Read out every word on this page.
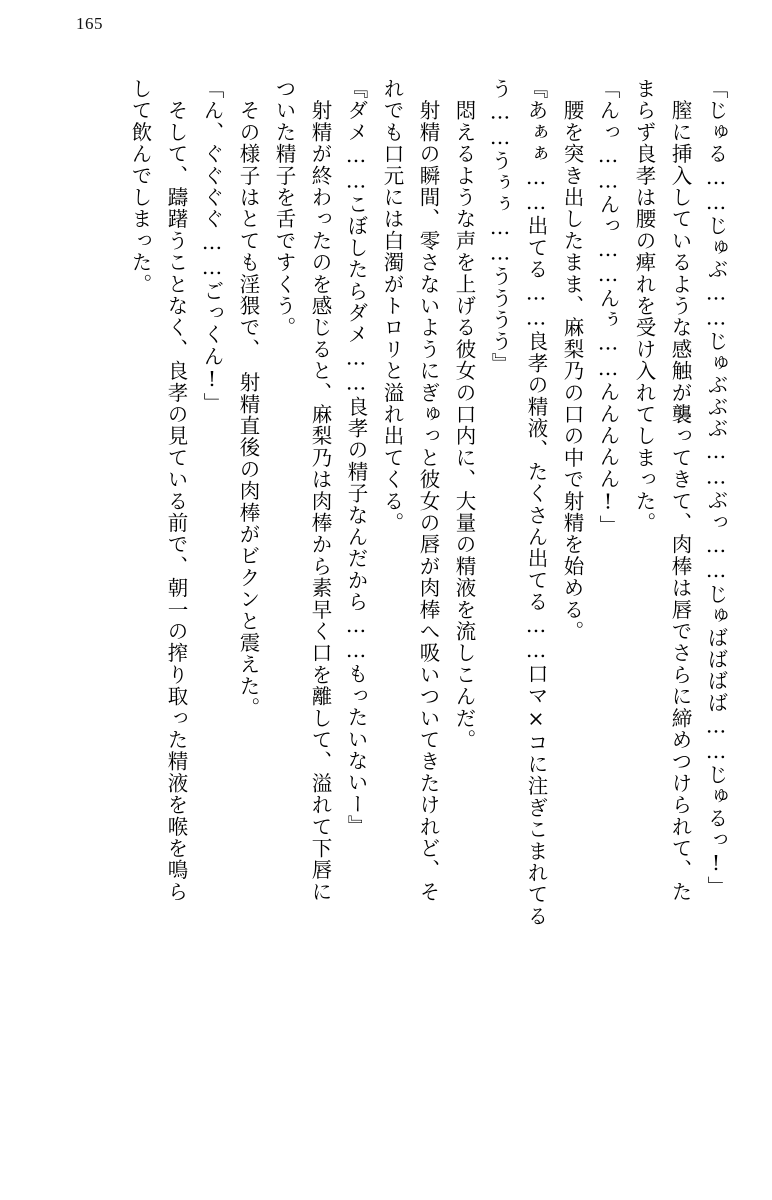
165
「じゅる……じゅぶ……じゅぶぶぶ……ぶっ……じゅばばばば……じゅるっ!」
　膣に挿入しているような感触が襲ってきて、肉棒は唇でさらに締めつけられて、た
まらず良孝は腰の痺れを受け入れてしまった。
「んっ……んっ……んぅ……んんんんん!」
　腰を突き出したまま、麻梨乃の口の中で射精を始める。
『あぁぁ……出てる……良孝の精液、たくさん出てる……口マ×コに注ぎこまれてる
う……うぅぅ……うううう』
　悶えるような声を上げる彼女の口内に、大量の精液を流しこんだ。
　射精の瞬間、零さないようにぎゅっと彼女の唇が肉棒へ吸いついてきたけれど、そ
れでも口元には白濁がトロリと溢れ出てくる。
『ダメ……こぼしたらダメ……良孝の精子なんだから……もったいないー』
　射精が終わったのを感じると、麻梨乃は肉棒から素早く口を離して、溢れて下唇に
ついた精子を舌ですくう。
　その様子はとても淫猥で、　射精直後の肉棒がビクンと震えた。
「ん、ぐぐぐぐ……ごっくん!」
　そして、躊躇うことなく、良孝の見ている前で、朝一の搾り取った精液を喉を鳴ら
して飲んでしまった。
